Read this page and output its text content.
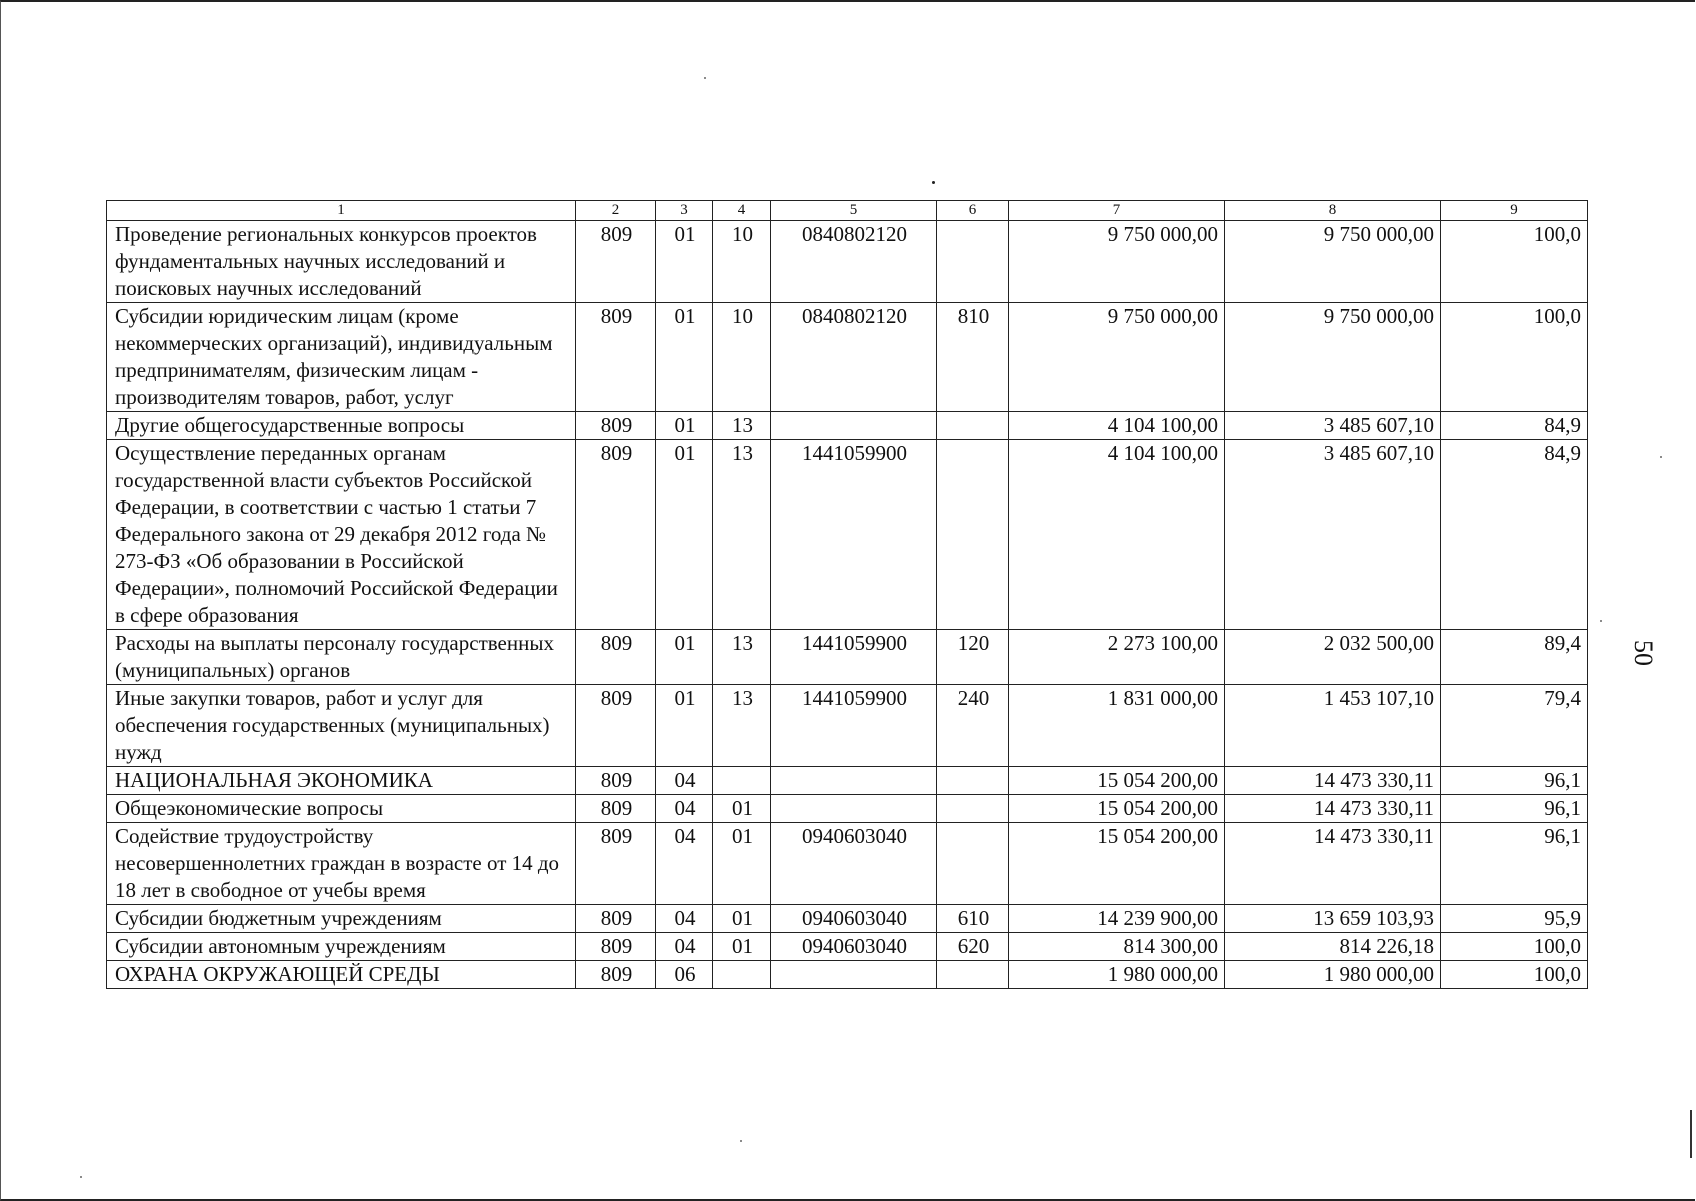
1	2	3	4	5	6	7	8	9
Проведение региональных конкурсов проектов фундаментальных научных исследований и поисковых научных исследований	809	01	10	0840802120		9 750 000,00	9 750 000,00	100,0
Субсидии юридическим лицам (кроме некоммерческих организаций), индивидуальным предпринимателям, физическим лицам - производителям товаров, работ, услуг	809	01	10	0840802120	810	9 750 000,00	9 750 000,00	100,0
Другие общегосударственные вопросы	809	01	13			4 104 100,00	3 485 607,10	84,9
Осуществление переданных органам государственной власти субъектов Российской Федерации, в соответствии с частью 1 статьи 7 Федерального закона от 29 декабря 2012 года № 273-ФЗ «Об образовании в Российской Федерации», полномочий Российской Федерации в сфере образования	809	01	13	1441059900		4 104 100,00	3 485 607,10	84,9
Расходы на выплаты персоналу государственных (муниципальных) органов	809	01	13	1441059900	120	2 273 100,00	2 032 500,00	89,4
Иные закупки товаров, работ и услуг для обеспечения государственных (муниципальных) нужд	809	01	13	1441059900	240	1 831 000,00	1 453 107,10	79,4
НАЦИОНАЛЬНАЯ ЭКОНОМИКА	809	04				15 054 200,00	14 473 330,11	96,1
Общеэкономические вопросы	809	04	01			15 054 200,00	14 473 330,11	96,1
Содействие трудоустройству несовершеннолетних граждан в возрасте от 14 до 18 лет в свободное от учебы время	809	04	01	0940603040		15 054 200,00	14 473 330,11	96,1
Субсидии бюджетным учреждениям	809	04	01	0940603040	610	14 239 900,00	13 659 103,93	95,9
Субсидии автономным учреждениям	809	04	01	0940603040	620	814 300,00	814 226,18	100,0
ОХРАНА ОКРУЖАЮЩЕЙ СРЕДЫ	809	06				1 980 000,00	1 980 000,00	100,0
50
